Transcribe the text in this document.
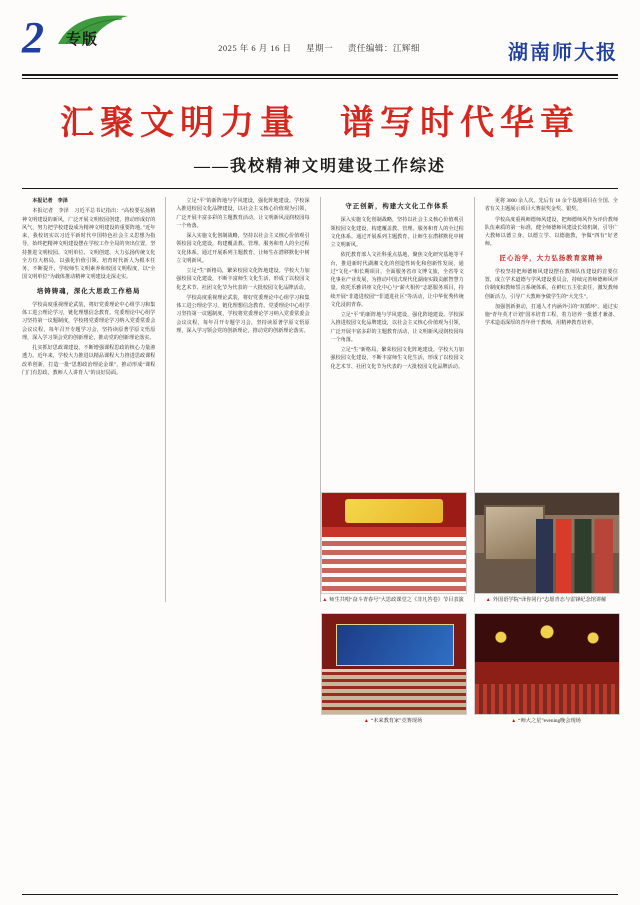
2 专版	2025 年 6 月 16 日 星期一 责任编辑：江辉细	湖南师大报
汇聚文明力量　谱写时代华章
——我校精神文明建设工作综述

本报记者　李泽

本报记者　李泽　习近平总书记指出：“高校要弘扬精神文明建设的新风，广泛开展文明校园创建，推动形成好的风气，努力把学校建设成为精神文明建设的重要阵地。”近年来，我校切实以习近平新时代中国特色社会主义思想为指导，始终把精神文明建设摆在学校工作全局的突出位置，坚持推进文明校园、文明单位、文明创建、大力弘扬传统文化全方位大格局，以强化价值引领、培育时代新人为根本任务，不断提升、学校师生文明素养和校园文明程度，以“全国文明单位”为载体推动精神文明建设走深走实。

培铸铸魂，深化大思政工作格局

学校高度重视理论武装，将好党委理论中心组学习和集体工进公理论学习，链化理想信念教育。党委理论中心组学习坚持第一议题制度，学校将党委理论学习纳入党委常委会会议议程，每年召开专题学习会，坚持读原著学原文悟原理，深入学习领会党的创新理论，推动党的创新理论落实。

扎实抓好思政课建设，不断增强课程思政的核心力量渗透力。近年来，学校大力推进以精品课程大力推进思政课程改革创新，打造一批“思想政治理论金课”，推动形成“课程门门有思政、教师人人讲育人”的良好局面。

立足“平”的新阵地与学风建设，强化阵地建设。学校深入推进校园文化品牌建设，以社会主义核心价值观为引领，广泛开展丰富多彩的主题教育活动，让文明新风浸润校园每一个角落。

深入实施文化创制战略，坚持以社会主义核心价值观引领校园文化建设，构建覆盖教、管理、服务和育人的全过程文化体系。通过开展系列主题教育，让师生在潜移默化中树立文明新风。

立足“生”新格局，繁荣校园文化阵地建设。学校大力加强校园文化建设，不断丰富师生文化生活，形成了以校园文化艺术节、社团文化节为代表的一大批校园文化品牌活动。

学校高度重视理论武装，将好党委理论中心组学习和集体工进公理论学习，链化理想信念教育。党委理论中心组学习坚持第一议题制度，学校将党委理论学习纳入党委常委会会议议程，每年召开专题学习会，坚持读原著学原文悟原理，深入学习领会党的创新理论，推动党的创新理论落实。

守正创新，构建大文化工作体系

深入实施文化创制战略，坚持以社会主义核心价值观引领校园文化建设，构建覆盖教、管理、服务和育人的全过程文化体系。通过开展系列主题教育，让师生在潜移默化中树立文明新风。

依托教育部人文社科重点基地，聚焦文化研究基地等平台，推进新时代湖湘文化的创造性转化和创新性发展，通过“文化+”和长期项目，全面服务省市文博文旅，全省等文化事业产业发展，为推动中国式现代化湖南实践贡献智慧力量。依托乐雅讲座文化中心与“薪火相传”志愿服务项目，持续开展“非遗进校园”“非遗进社区”等活动，让中华优秀传统文化浸润青春。

立足“平”的新阵地与学风建设，强化阵地建设。学校深入推进校园文化品牌建设，以社会主义核心价值观为引领，广泛开展丰富多彩的主题教育活动，让文明新风浸润校园每一个角落。

立足“生”新格局，繁荣校园文化阵地建设。学校大力加强校园文化建设，不断丰富师生文化生活，形成了以校园文化艺术节、社团文化节为代表的一大批校园文化品牌活动。

更将 3000 余人次，先后有 10 余个基地项目在全国、全省有关主题展示项目大赛获奖金奖、银奖。

学校高度重视师德师风建设，把师德师风作为评价教师队伍素质的第一标准，健全师德师风建设长效机制，引导广大教师以德立身、以德立学、以德施教，争做“四有”好老师。

匠心治学，大力弘扬教育家精神

学校坚持把师德师风建设摆在教师队伍建设的首要位置，成立学术道德与学风建设委员会，持续完善师德师风评价制度和教师誓言系统体系，在鲜红五主张责任，激发教师创新活力，引导广大教师争做学生的“大先生”。

加强创新驱动，打通人才内涵外引的“双循环”。通过实施“青年英才计划”国本培育工程，着力培养一批德才兼备、学术造诣深厚的青年骨干教师，用精神教育培养。

▲ 师生共唱“奋斗青春号”大思政课堂之《非凡答卷》节目表演	▲ 外国语学院“译你同行”志愿青态与雷锋纪念馆讲解
▲ “未来教育家”竞赛现场	▲ “师大之星”evening晚会现场
